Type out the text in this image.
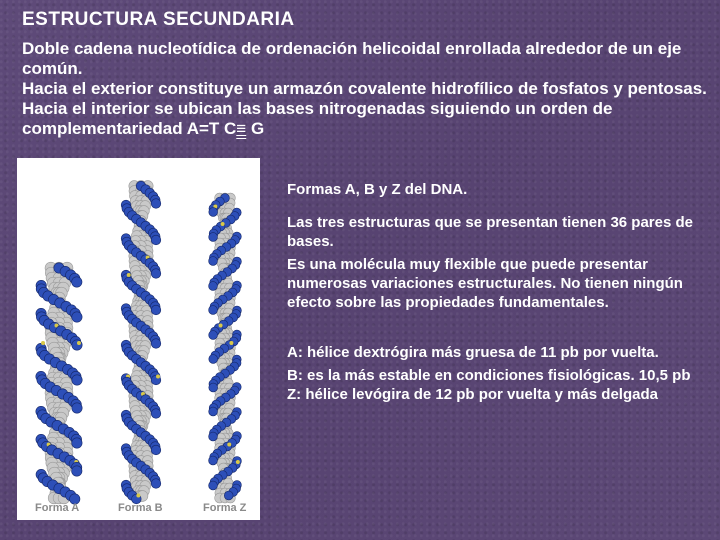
ESTRUCTURA SECUNDARIA

Doble cadena nucleotídica de ordenación helicoidal enrollada alrededor de un eje común.

Hacia el exterior constituye un armazón covalente hidrofílico de fosfatos y pentosas. Hacia el interior se ubican las bases nitrogenadas siguiendo un orden de complementariedad A=T C≡ G

Forma A	Forma B	Forma Z

Formas A, B y Z del DNA.

Las tres estructuras que se presentan tienen 36 pares de bases.

Es una molécula muy flexible que puede presentar numerosas variaciones estructurales. No tienen ningún efecto sobre las propiedades fundamentales.

A: hélice dextrógira más gruesa de 11 pb por vuelta.

B: es la más estable en condiciones fisiológicas. 10,5 pb

Z: hélice levógira de 12 pb por vuelta y más delgada
